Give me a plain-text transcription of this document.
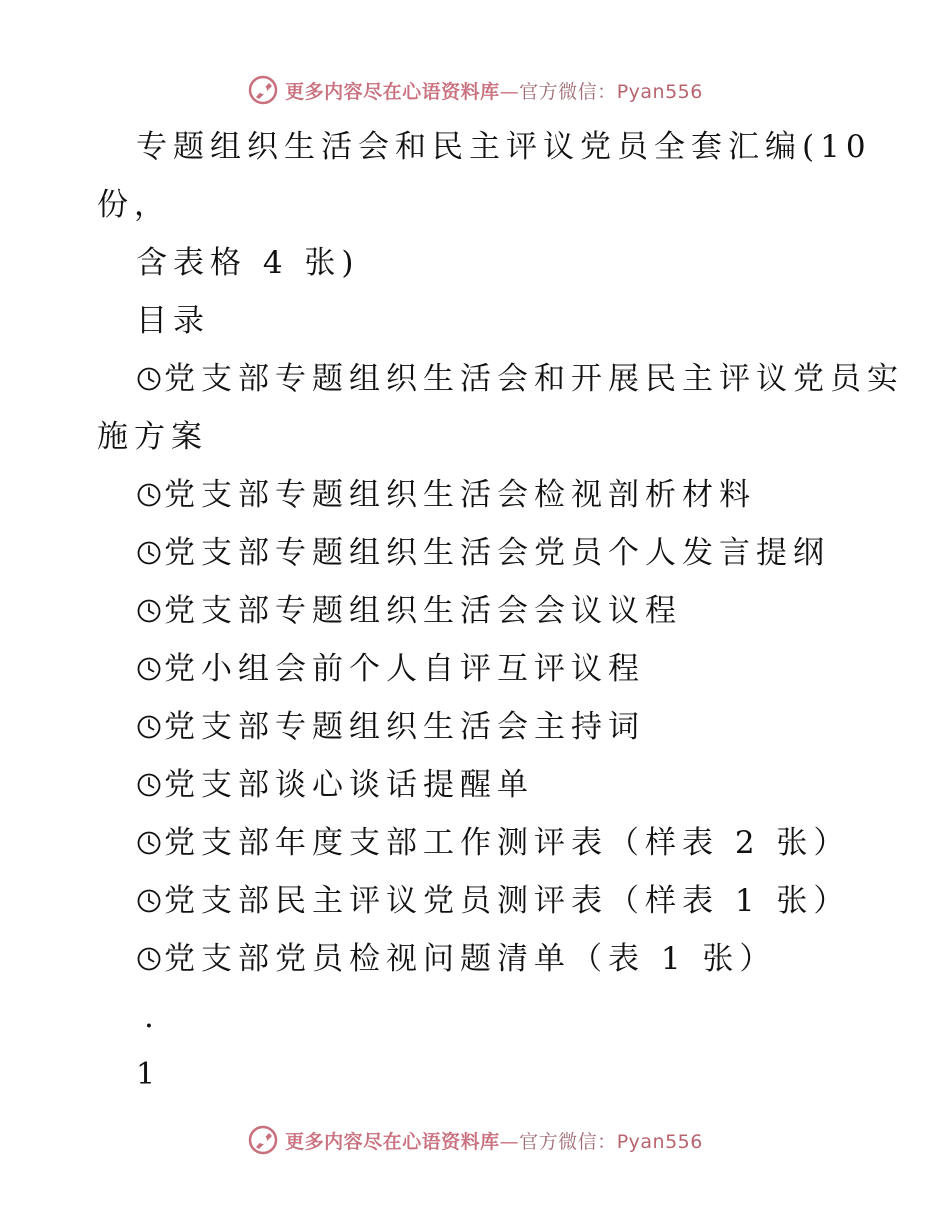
更多内容尽在心语资料库—官方微信：Pyan556
专题组织生活会和民主评议党员全套汇编(10
份，
含表格 4 张)
目录
党支部专题组织生活会和开展民主评议党员实
施方案
党支部专题组织生活会检视剖析材料
党支部专题组织生活会党员个人发言提纲
党支部专题组织生活会会议议程
党小组会前个人自评互评议程
党支部专题组织生活会主持词
党支部谈心谈话提醒单
党支部年度支部工作测评表（样表 2 张）
党支部民主评议党员测评表（样表 1 张）
党支部党员检视问题清单（表 1 张）
.
1
更多内容尽在心语资料库—官方微信：Pyan556
